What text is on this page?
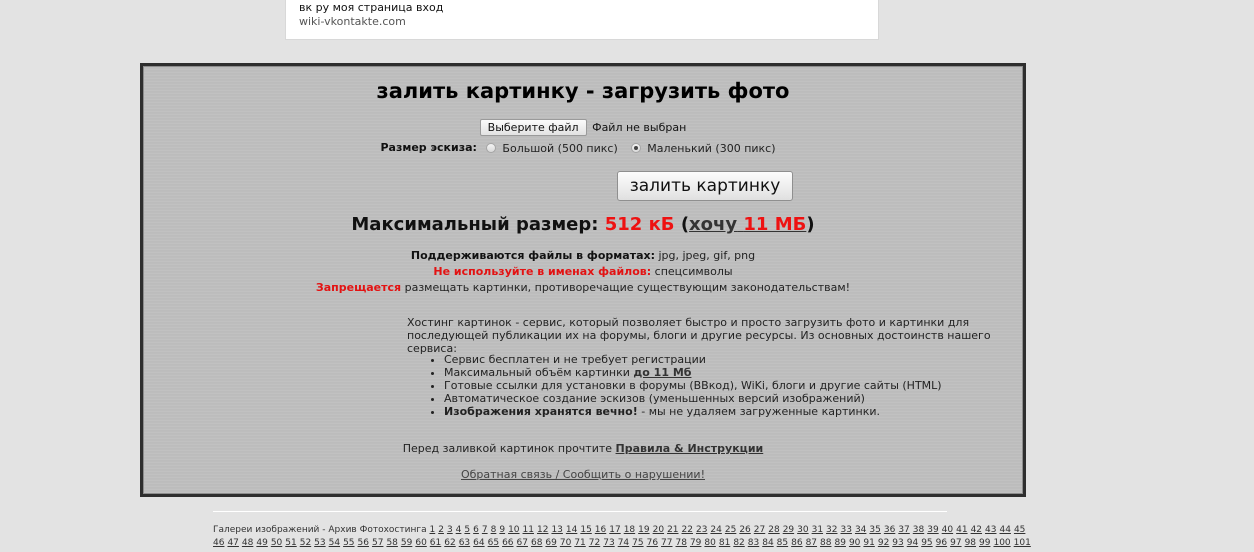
вк ру моя страница вход
wiki-vkontakte.com
залить картинку - загрузить фото
Выберите файл Файл не выбран
Размер эскиза: Большой (500 пикс)	Маленький (300 пикс)
залить картинку
Максимальный размер: 512 кБ (хочу 11 МБ)
Поддерживаются файлы в форматах: jpg, jpeg, gif, png
Не используйте в именах файлов: спецсимволы
Запрещается размещать картинки, противоречащие существующим законодательствам!
Хостинг картинок - сервис, который позволяет быстро и просто загрузить фото и картинки для последующей публикации их на форумы, блоги и другие ресурсы. Из основных достоинств нашего сервиса:
• Сервис бесплатен и не требует регистрации
• Максимальный объём картинки до 11 Мб
• Готовые ссылки для установки в форумы (ВВкод), WiKi, блоги и другие сайты (HTML)
• Автоматическое создание эскизов (уменьшенных версий изображений)
• Изображения хранятся вечно! - мы не удаляем загруженные картинки.
Перед заливкой картинок прочтите Правила & Инструкции
Обратная связь / Сообщить о нарушении!
Галереи изображений - Архив Фотохостинга 1 2 3 4 5 6 7 8 9 10 11 12 13 14 15 16 17 18 19 20 21 22 23 24 25 26 27 28 29 30 31 32 33 34 35 36 37 38 39 40 41 42 43 44 45
46 47 48 49 50 51 52 53 54 55 56 57 58 59 60 61 62 63 64 65 66 67 68 69 70 71 72 73 74 75 76 77 78 79 80 81 82 83 84 85 86 87 88 89 90 91 92 93 94 95 96 97 98 99 100 101
